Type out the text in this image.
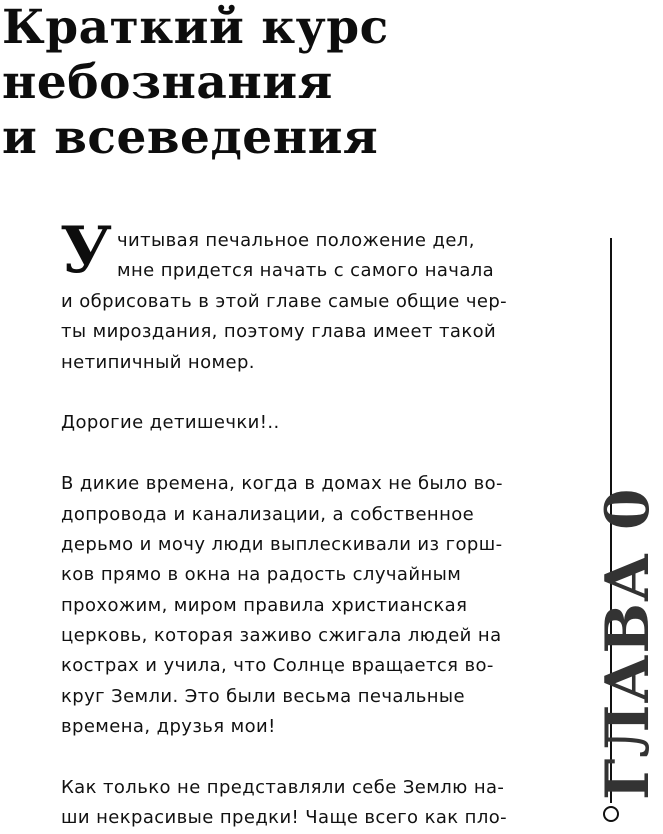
Краткий курс
небознания
и всеведения
У читывая печальное положение дел,
мне придется начать с самого начала
и обрисовать в этой главе самые общие чер-
ты мироздания, поэтому глава имеет такой
нетипичный номер.
Дорогие детишечки!..
В дикие времена, когда в домах не было во-
допровода и канализации, а собственное
дерьмо и мочу люди выплескивали из горш-
ков прямо в окна на радость случайным
прохожим, миром правила христианская
церковь, которая заживо сжигала людей на
кострах и учила, что Солнце вращается во-
круг Земли. Это были весьма печальные
времена, друзья мои!
Как только не представляли себе Землю на-
ши некрасивые предки! Чаще всего как пло-
ГЛАВА 0
